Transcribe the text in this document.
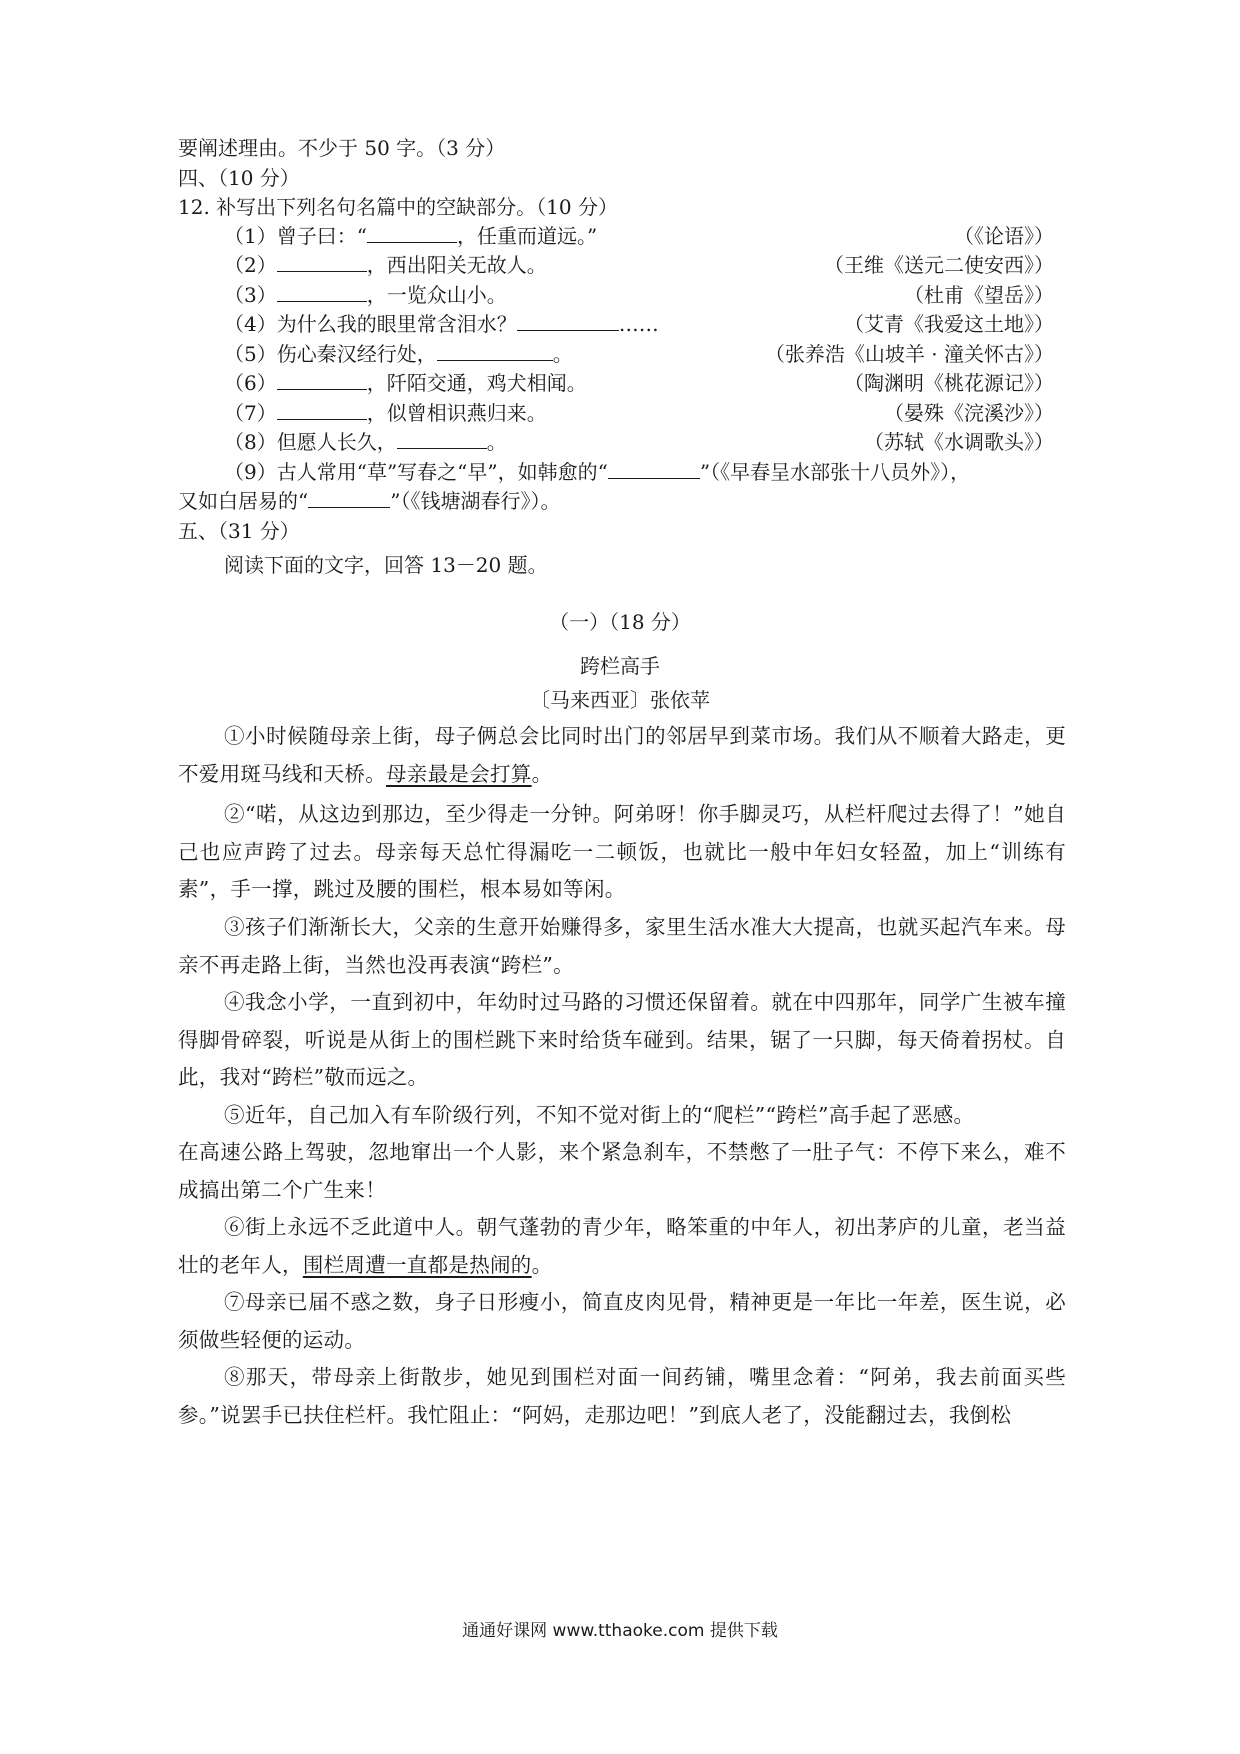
要阐述理由。不少于 50 字。（3 分）
四、（10 分）
12. 补写出下列名句名篇中的空缺部分。（10 分）
（1）曾子曰：“	，任重而道远。”	（《论语》）
（2）	，西出阳关无故人。	（王维《送元二使安西》）
（3）	，一览众山小。	（杜甫《望岳》）
（4）为什么我的眼里常含泪水？	……	（艾青《我爱这土地》）
（5）伤心秦汉经行处，	。	（张养浩《山坡羊 · 潼关怀古》）
（6）	，阡陌交通，鸡犬相闻。	（陶渊明《桃花源记》）
（7）	，似曾相识燕归来。	（晏殊《浣溪沙》）
（8）但愿人长久，	。	（苏轼《水调歌头》）
（9）古人常用“草”写春之“早”，如韩愈的“	”（《早春呈水部张十八员外》），
又如白居易的“	”（《钱塘湖春行》）。
五、（31 分）
阅读下面的文字，回答 13－20 题。
（一）（18 分）
跨栏高手
〔马来西亚〕张依苹
①小时候随母亲上街，母子俩总会比同时出门的邻居早到菜市场。我们从不顺着大路走，更不爱用斑马线和天桥。母亲最是会打算。
②“喏，从这边到那边，至少得走一分钟。阿弟呀！你手脚灵巧，从栏杆爬过去得了！”她自己也应声跨了过去。母亲每天总忙得漏吃一二顿饭，也就比一般中年妇女轻盈，加上“训练有素”，手一撑，跳过及腰的围栏，根本易如等闲。
③孩子们渐渐长大，父亲的生意开始赚得多，家里生活水准大大提高，也就买起汽车来。母亲不再走路上街，当然也没再表演“跨栏”。
④我念小学，一直到初中，年幼时过马路的习惯还保留着。就在中四那年，同学广生被车撞得脚骨碎裂，听说是从街上的围栏跳下来时给货车碰到。结果，锯了一只脚，每天倚着拐杖。自此，我对“跨栏”敬而远之。
⑤近年，自己加入有车阶级行列，不知不觉对街上的“爬栏”“跨栏”高手起了恶感。
在高速公路上驾驶，忽地窜出一个人影，来个紧急刹车，不禁憋了一肚子气：不停下来么，难不成搞出第二个广生来！
⑥街上永远不乏此道中人。朝气蓬勃的青少年，略笨重的中年人，初出茅庐的儿童，老当益壮的老年人，围栏周遭一直都是热闹的。
⑦母亲已届不惑之数，身子日形瘦小，简直皮肉见骨，精神更是一年比一年差，医生说，必须做些轻便的运动。
⑧那天，带母亲上街散步，她见到围栏对面一间药铺，嘴里念着：“阿弟，我去前面买些参。”说罢手已扶住栏杆。我忙阻止：“阿妈，走那边吧！”到底人老了，没能翻过去，我倒松
通通好课网 www.tthaoke.com 提供下载
